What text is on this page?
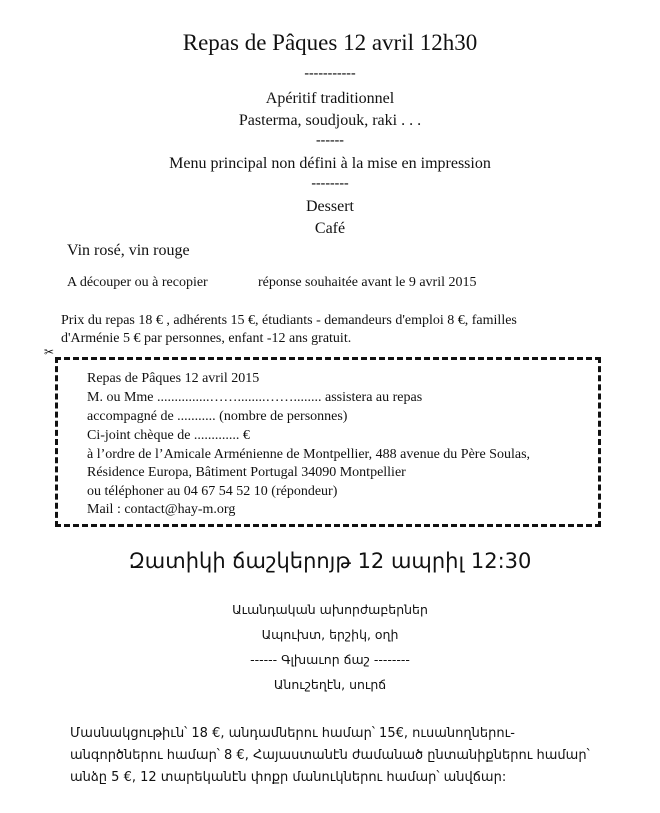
Repas de Pâques 12 avril 12h30
-----------
Apéritif traditionnel
Pasterma, soudjouk, raki . . .
------
Menu principal non défini à la mise en impression
--------
Dessert
Café
Vin rosé, vin rouge
A découper ou à recopier	réponse souhaitée avant le 9 avril 2015
Prix du repas 18 € , adhérents 15 €, étudiants - demandeurs d'emploi 8 €, familles
d'Arménie 5 € par personnes, enfant -12 ans gratuit.
✂
Repas de Pâques 12 avril 2015
M. ou Mme ...............……........……........ assistera au repas
accompagné de ........... (nombre de personnes)
Ci-joint chèque de ............. €
à l’ordre de l’Amicale Arménienne de Montpellier, 488 avenue du Père Soulas,
Résidence Europa, Bâtiment Portugal 34090 Montpellier
ou téléphoner au 04 67 54 52 10 (répondeur)
Mail : contact@hay-m.org
Զատիկի ճաշկերոյթ 12 ապրիլ 12:30
Աւանդական ախորժաբերներ
Ապուխտ, երշիկ, օղի
------ Գլխաւոր ճաշ --------
Անուշեղէն, սուրճ
Մասնակցութիւն՝ 18 €, անդամներու համար՝ 15€, ուսանողներու-
անգործներու համար՝ 8 €, Հայաստանէն ժամանած ընտանիքներու համար՝
անձը 5 €, 12 տարեկանէն փոքր մանուկներու համար՝ անվճար:
